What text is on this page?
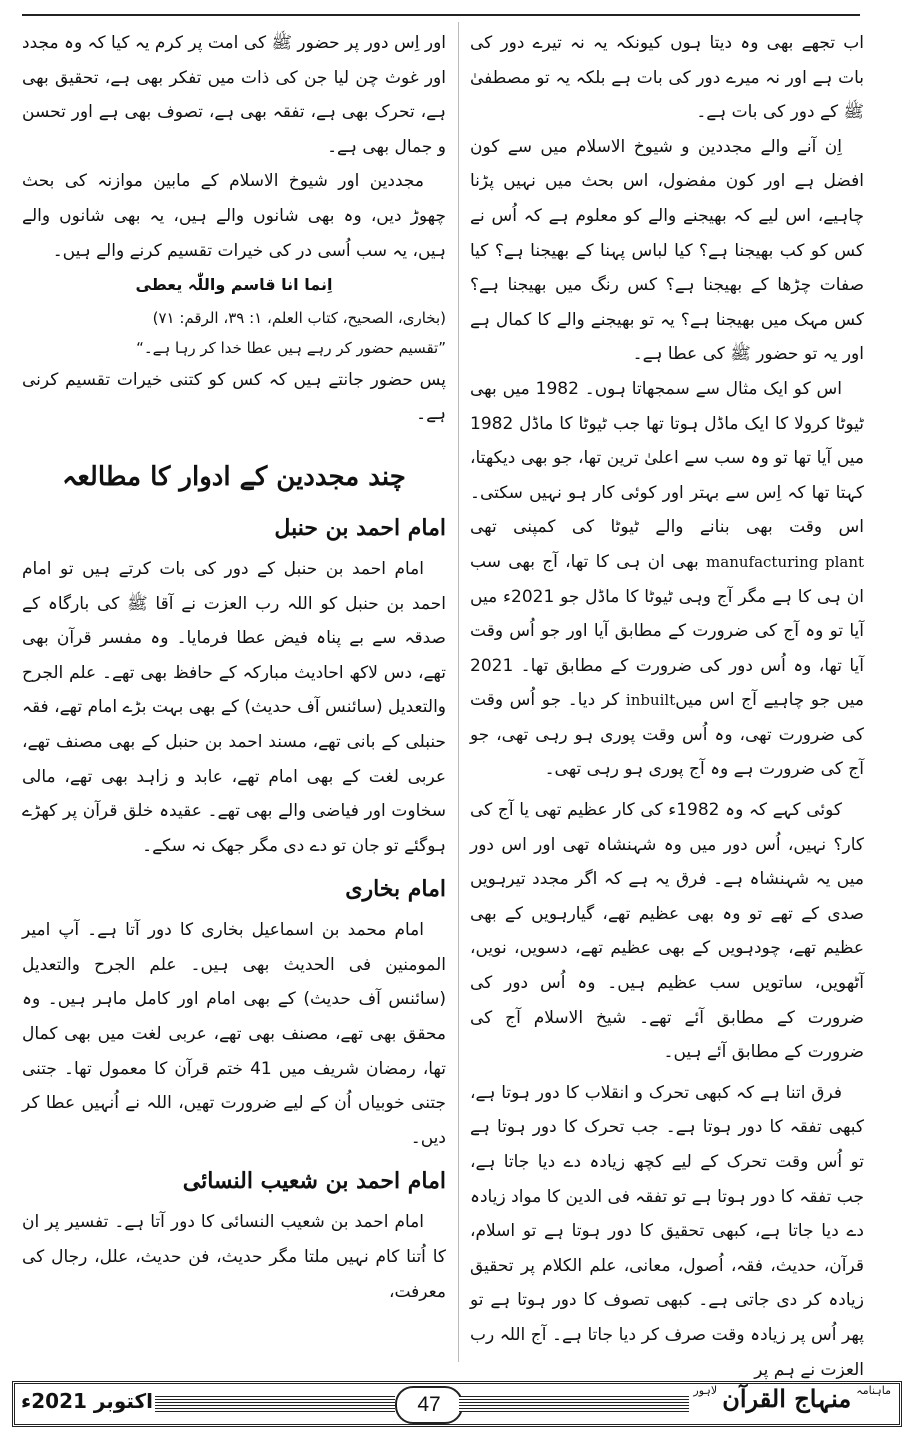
اب تجھے بھی وہ دیتا ہوں کیونکہ یہ نہ تیرے دور کی بات ہے اور نہ میرے دور کی بات ہے بلکہ یہ تو مصطفیٰ ﷺ کے دور کی بات ہے۔

اِن آنے والے مجددین و شیوخ الاسلام میں سے کون افضل ہے اور کون مفضول، اس بحث میں نہیں پڑنا چاہیے، اس لیے کہ بھیجنے والے کو معلوم ہے کہ اُس نے کس کو کب بھیجنا ہے؟ کیا لباس پہنا کے بھیجنا ہے؟ کیا صفات چڑھا کے بھیجنا ہے؟ کس رنگ میں بھیجنا ہے؟ کس مہک میں بھیجنا ہے؟ یہ تو بھیجنے والے کا کمال ہے اور یہ تو حضور ﷺ کی عطا ہے۔

اس کو ایک مثال سے سمجھاتا ہوں۔ 1982 میں بھی ٹیوٹا کرولا کا ایک ماڈل ہوتا تھا جب ٹیوٹا کا ماڈل 1982 میں آیا تھا تو وہ سب سے اعلیٰ ترین تھا، جو بھی دیکھتا، کہتا تھا کہ اِس سے بہتر اور کوئی کار ہو نہیں سکتی۔ اس وقت بھی بنانے والے ٹیوٹا کی کمپنی تھی manufacturing plant بھی ان ہی کا تھا، آج بھی سب ان ہی کا ہے مگر آج وہی ٹیوٹا کا ماڈل جو 2021ء میں آیا تو وہ آج کی ضرورت کے مطابق آیا اور جو اُس وقت آیا تھا، وہ اُس دور کی ضرورت کے مطابق تھا۔ 2021 میں جو چاہیے آج اس میںinbuilt کر دیا۔ جو اُس وقت کی ضرورت تھی، وہ اُس وقت پوری ہو رہی تھی، جو آج کی ضرورت ہے وہ آج پوری ہو رہی تھی۔

کوئی کہے کہ وہ 1982ء کی کار عظیم تھی یا آج کی کار؟ نہیں، اُس دور میں وہ شہنشاہ تھی اور اس دور میں یہ شہنشاہ ہے۔ فرق یہ ہے کہ اگر مجدد تیرہویں صدی کے تھے تو وہ بھی عظیم تھے، گیارہویں کے بھی عظیم تھے، چودہویں کے بھی عظیم تھے، دسویں، نویں، آٹھویں، ساتویں سب عظیم ہیں۔ وہ اُس دور کی ضرورت کے مطابق آئے تھے۔ شیخ الاسلام آج کی ضرورت کے مطابق آئے ہیں۔

فرق اتنا ہے کہ کبھی تحرک و انقلاب کا دور ہوتا ہے، کبھی تفقہ کا دور ہوتا ہے۔ جب تحرک کا دور ہوتا ہے تو اُس وقت تحرک کے لیے کچھ زیادہ دے دیا جاتا ہے، جب تفقہ کا دور ہوتا ہے تو تفقہ فی الدین کا مواد زیادہ دے دیا جاتا ہے، کبھی تحقیق کا دور ہوتا ہے تو اسلام، قرآن، حدیث، فقہ، اُصول، معانی، علم الکلام پر تحقیق زیادہ کر دی جاتی ہے۔ کبھی تصوف کا دور ہوتا ہے تو پھر اُس پر زیادہ وقت صرف کر دیا جاتا ہے۔ آج اللہ رب العزت نے ہم پر

اور اِس دور پر حضور ﷺ کی امت پر کرم یہ کیا کہ وہ مجدد اور غوث چن لیا جن کی ذات میں تفکر بھی ہے، تحقیق بھی ہے، تحرک بھی ہے، تفقہ بھی ہے، تصوف بھی ہے اور تحسن و جمال بھی ہے۔

مجددین اور شیوخ الاسلام کے مابین موازنہ کی بحث چھوڑ دیں، وہ بھی شانوں والے ہیں، یہ بھی شانوں والے ہیں، یہ سب اُسی در کی خیرات تقسیم کرنے والے ہیں۔

اِنما انا قاسم واللّٰہ یعطی

(بخاری، الصحیح، کتاب العلم، ۱: ۳۹، الرقم: ۷۱)

”تقسیم حضور کر رہے ہیں عطا خدا کر رہا ہے۔“

پس حضور جانتے ہیں کہ کس کو کتنی خیرات تقسیم کرنی ہے۔

چند مجددین کے ادوار کا مطالعہ
امام احمد بن حنبل

امام احمد بن حنبل کے دور کی بات کرتے ہیں تو امام احمد بن حنبل کو اللہ رب العزت نے آقا ﷺ کی بارگاہ کے صدقہ سے بے پناہ فیض عطا فرمایا۔ وہ مفسر قرآن بھی تھے، دس لاکھ احادیث مبارکہ کے حافظ بھی تھے۔ علم الجرح والتعدیل (سائنس آف حدیث) کے بھی بہت بڑے امام تھے، فقہ حنبلی کے بانی تھے، مسند احمد بن حنبل کے بھی مصنف تھے، عربی لغت کے بھی امام تھے، عابد و زاہد بھی تھے، مالی سخاوت اور فیاضی والے بھی تھے۔ عقیدہ خلق قرآن پر کھڑے ہوگئے تو جان تو دے دی مگر جھک نہ سکے۔

امام بخاری

امام محمد بن اسماعیل بخاری کا دور آتا ہے۔ آپ امیر المومنین فی الحدیث بھی ہیں۔ علم الجرح والتعدیل (سائنس آف حدیث) کے بھی امام اور کامل ماہر ہیں۔ وہ محقق بھی تھے، مصنف بھی تھے، عربی لغت میں بھی کمال تھا، رمضان شریف میں 41 ختم قرآن کا معمول تھا۔ جتنی جتنی خوبیاں اُن کے لیے ضرورت تھیں، اللہ نے اُنہیں عطا کر دیں۔

امام احمد بن شعیب النسائی

امام احمد بن شعیب النسائی کا دور آتا ہے۔ تفسیر پر ان کا اُتنا کام نہیں ملتا مگر حدیث، فن حدیث، علل، رجال کی معرفت،

اکتوبر 2021ء	47
$^{ماہنامہ}$ منہاج القرآن $^{لاہور}$
